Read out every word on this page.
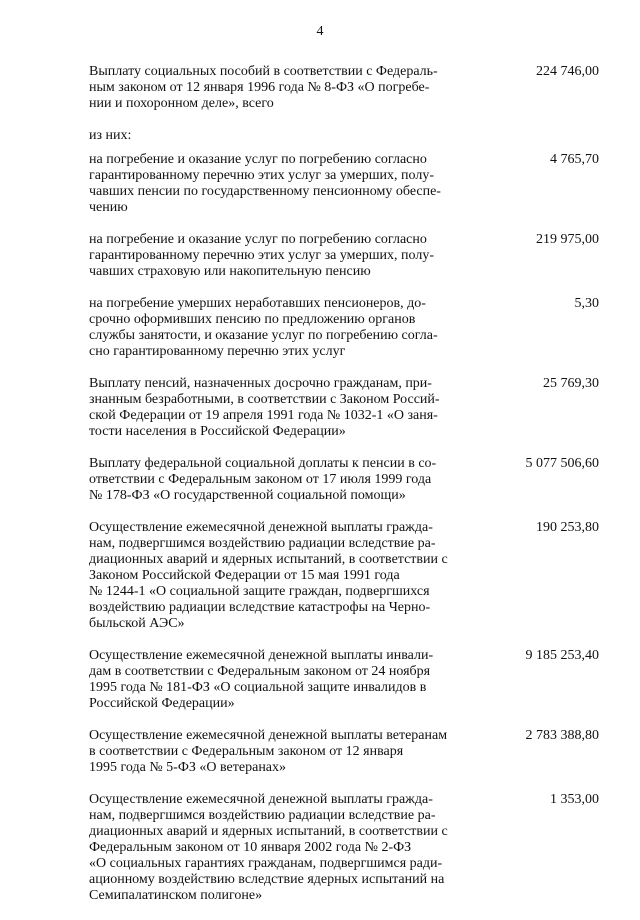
4
Выплату социальных пособий в соответствии с Федераль-
ным законом от 12 января 1996 года № 8-ФЗ «О погребе-
нии и похоронном деле», всего
224 746,00
из них:
на погребение и оказание услуг по погребению согласно
гарантированному перечню этих услуг за умерших, полу-
чавших пенсии по государственному пенсионному обеспе-
чению
4 765,70
на погребение и оказание услуг по погребению согласно
гарантированному перечню этих услуг за умерших, полу-
чавших страховую или накопительную пенсию
219 975,00
на погребение умерших неработавших пенсионеров, до-
срочно оформивших пенсию по предложению органов
службы занятости, и оказание услуг по погребению согла-
сно гарантированному перечню этих услуг
5,30
Выплату пенсий, назначенных досрочно гражданам, при-
знанным безработными, в соответствии с Законом Россий-
ской Федерации от 19 апреля 1991 года № 1032-1 «О заня-
тости населения в Российской Федерации»
25 769,30
Выплату федеральной социальной доплаты к пенсии в со-
ответствии с Федеральным законом от 17 июля 1999 года
№ 178-ФЗ «О государственной социальной помощи»
5 077 506,60
Осуществление ежемесячной денежной выплаты гражда-
нам, подвергшимся воздействию радиации вследствие ра-
диационных аварий и ядерных испытаний, в соответствии с
Законом Российской Федерации от 15 мая 1991 года
№ 1244-1 «О социальной защите граждан, подвергшихся
воздействию радиации вследствие катастрофы на Черно-
быльской АЭС»
190 253,80
Осуществление ежемесячной денежной выплаты инвали-
дам в соответствии с Федеральным законом от 24 ноября
1995 года № 181-ФЗ «О социальной защите инвалидов в
Российской Федерации»
9 185 253,40
Осуществление ежемесячной денежной выплаты ветеранам
в соответствии с Федеральным законом от 12 января
1995 года № 5-ФЗ «О ветеранах»
2 783 388,80
Осуществление ежемесячной денежной выплаты гражда-
нам, подвергшимся воздействию радиации вследствие ра-
диационных аварий и ядерных испытаний, в соответствии с
Федеральным законом от 10 января 2002 года № 2-ФЗ
«О социальных гарантиях гражданам, подвергшимся ради-
ационному воздействию вследствие ядерных испытаний на
Семипалатинском полигоне»
1 353,00
